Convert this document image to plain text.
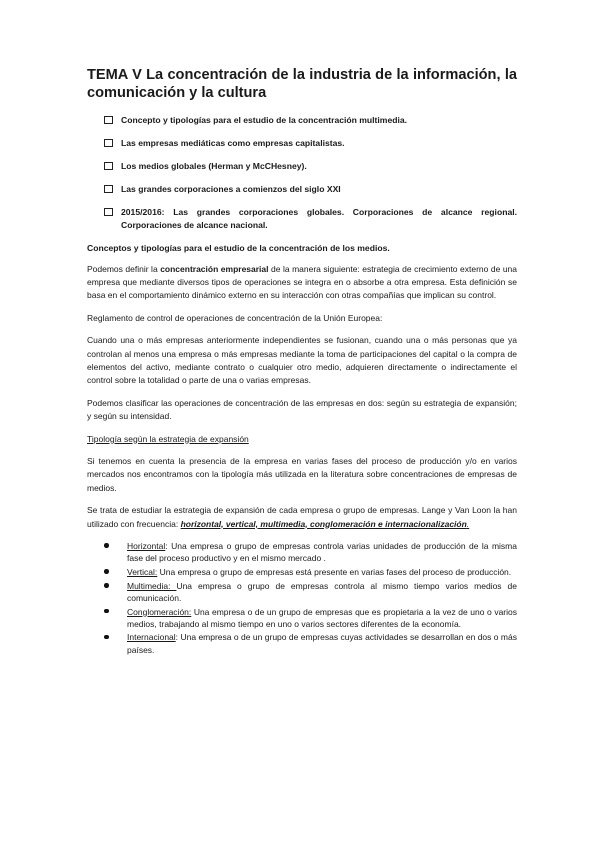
TEMA V La concentración de la industria de la información, la comunicación y la cultura
Concepto y tipologías para el estudio de la concentración multimedia.
Las empresas mediáticas como empresas capitalistas.
Los medios globales (Herman y McCHesney).
Las grandes corporaciones a comienzos del siglo XXI
2015/2016: Las grandes corporaciones globales. Corporaciones de alcance regional. Corporaciones de alcance nacional.
Conceptos y tipologías para el estudio de la concentración de los medios.

Podemos definir la concentración empresarial de la manera siguiente: estrategia de crecimiento externo de una empresa que mediante diversos tipos de operaciones se integra en o absorbe a otra empresa. Esta definición se basa en el comportamiento dinámico externo en su interacción con otras compañías que implican su control.

Reglamento de control de operaciones de concentración de la Unión Europea:

Cuando una o más empresas anteriormente independientes se fusionan, cuando una o más personas que ya controlan al menos una empresa o más empresas mediante la toma de participaciones del capital o la compra de elementos del activo, mediante contrato o cualquier otro medio, adquieren directamente o indirectamente el control sobre la totalidad o parte de una o varias empresas.

Podemos clasificar las operaciones de concentración de las empresas en dos: según su estrategia de expansión; y según su intensidad.

Tipología según la estrategia de expansión

Si tenemos en cuenta la presencia de la empresa en varias fases del proceso de producción y/o en varios mercados nos encontramos con la tipología más utilizada en la literatura sobre concentraciones de empresas de medios.

Se trata de estudiar la estrategia de expansión de cada empresa o grupo de empresas. Lange y Van Loon la han utilizado con frecuencia: horizontal, vertical, multimedia, conglomeración e internacionalización.

Horizontal: Una empresa o grupo de empresas controla varias unidades de producción de la misma fase del proceso productivo y en el mismo mercado .
Vertical: Una empresa o grupo de empresas está presente en varias fases del proceso de producción.
Multimedia: Una empresa o grupo de empresas controla al mismo tiempo varios medios de comunicación.
Conglomeración: Una empresa o de un grupo de empresas que es propietaria a la vez de uno o varios medios, trabajando al mismo tiempo en uno o varios sectores diferentes de la economía.
Internacional: Una empresa o de un grupo de empresas cuyas actividades se desarrollan en dos o más países.
